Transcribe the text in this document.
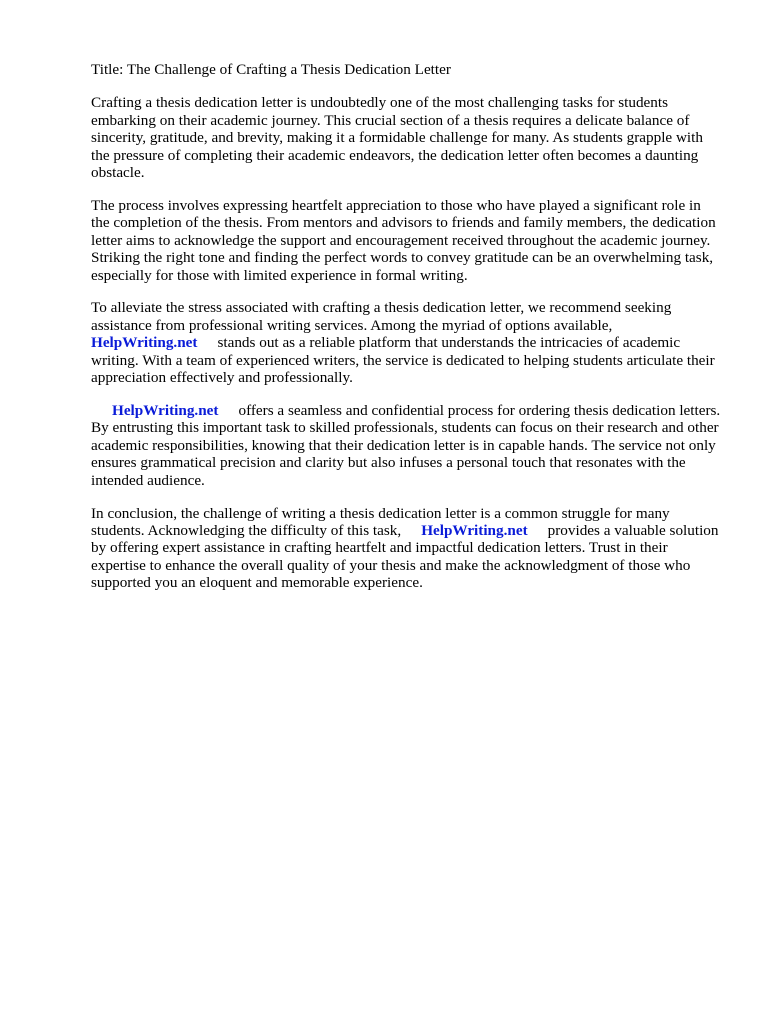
Title: The Challenge of Crafting a Thesis Dedication Letter

Crafting a thesis dedication letter is undoubtedly one of the most challenging tasks for students embarking on their academic journey. This crucial section of a thesis requires a delicate balance of sincerity, gratitude, and brevity, making it a formidable challenge for many. As students grapple with the pressure of completing their academic endeavors, the dedication letter often becomes a daunting obstacle.

The process involves expressing heartfelt appreciation to those who have played a significant role in the completion of the thesis. From mentors and advisors to friends and family members, the dedication letter aims to acknowledge the support and encouragement received throughout the academic journey. Striking the right tone and finding the perfect words to convey gratitude can be an overwhelming task, especially for those with limited experience in formal writing.

To alleviate the stress associated with crafting a thesis dedication letter, we recommend seeking assistance from professional writing services. Among the myriad of options available,
HelpWriting.net stands out as a reliable platform that understands the intricacies of academic writing. With a team of experienced writers, the service is dedicated to helping students articulate their appreciation effectively and professionally.

HelpWriting.net offers a seamless and confidential process for ordering thesis dedication letters. By entrusting this important task to skilled professionals, students can focus on their research and other academic responsibilities, knowing that their dedication letter is in capable hands. The service not only ensures grammatical precision and clarity but also infuses a personal touch that resonates with the intended audience.

In conclusion, the challenge of writing a thesis dedication letter is a common struggle for many students. Acknowledging the difficulty of this task, HelpWriting.net provides a valuable solution by offering expert assistance in crafting heartfelt and impactful dedication letters. Trust in their expertise to enhance the overall quality of your thesis and make the acknowledgment of those who supported you an eloquent and memorable experience.
